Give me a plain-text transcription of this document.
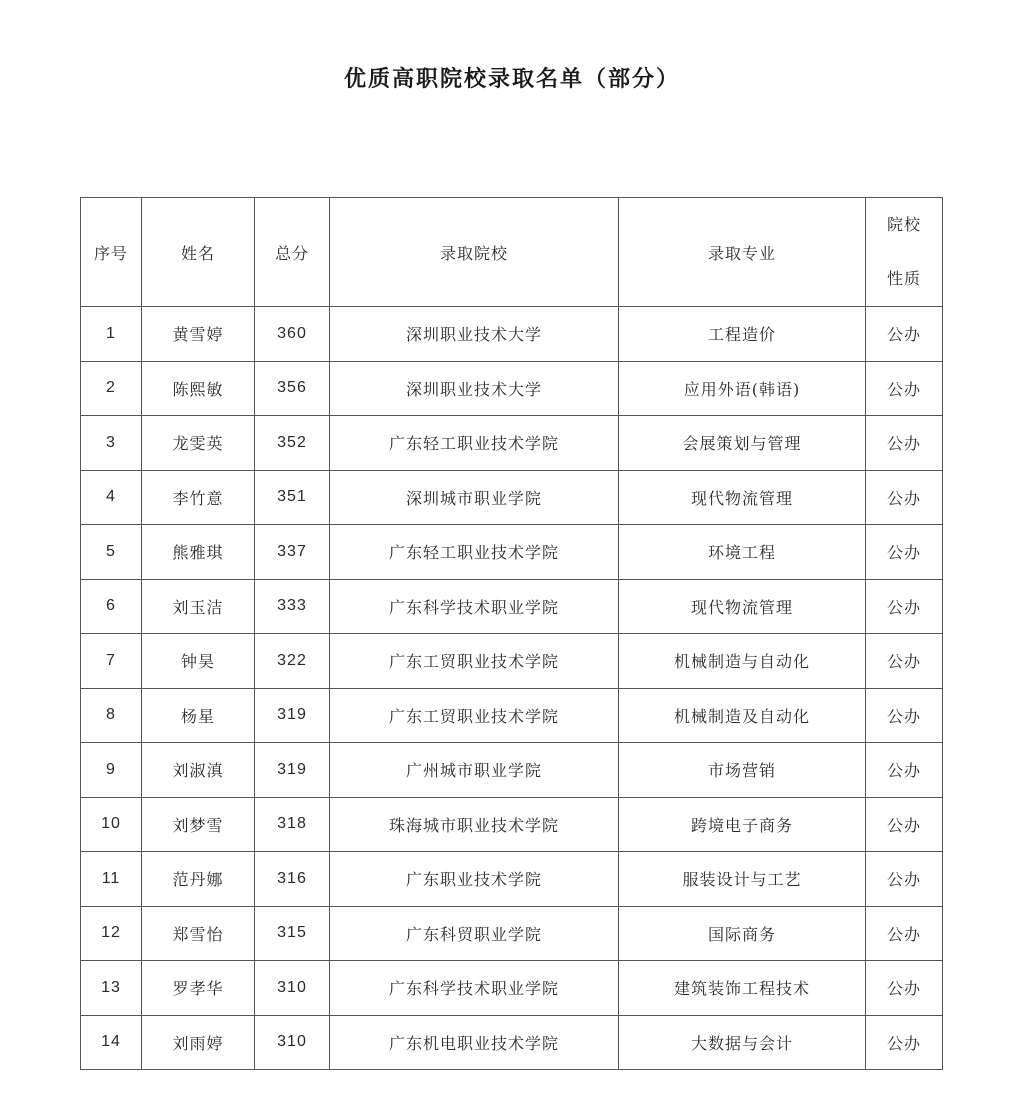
优质高职院校录取名单（部分）
序号	姓名	总分	录取院校	录取专业	院校
性质

1	黄雪婷	360	深圳职业技术大学	工程造价	公办
2	陈熙敏	356	深圳职业技术大学	应用外语(韩语)	公办
3	龙雯英	352	广东轻工职业技术学院	会展策划与管理	公办
4	李竹意	351	深圳城市职业学院	现代物流管理	公办
5	熊雅琪	337	广东轻工职业技术学院	环境工程	公办
6	刘玉洁	333	广东科学技术职业学院	现代物流管理	公办
7	钟昊	322	广东工贸职业技术学院	机械制造与自动化	公办
8	杨星	319	广东工贸职业技术学院	机械制造及自动化	公办
9	刘淑滇	319	广州城市职业学院	市场营销	公办
10	刘梦雪	318	珠海城市职业技术学院	跨境电子商务	公办
11	范丹娜	316	广东职业技术学院	服装设计与工艺	公办
12	郑雪怡	315	广东科贸职业学院	国际商务	公办
13	罗孝华	310	广东科学技术职业学院	建筑装饰工程技术	公办
14	刘雨婷	310	广东机电职业技术学院	大数据与会计	公办
